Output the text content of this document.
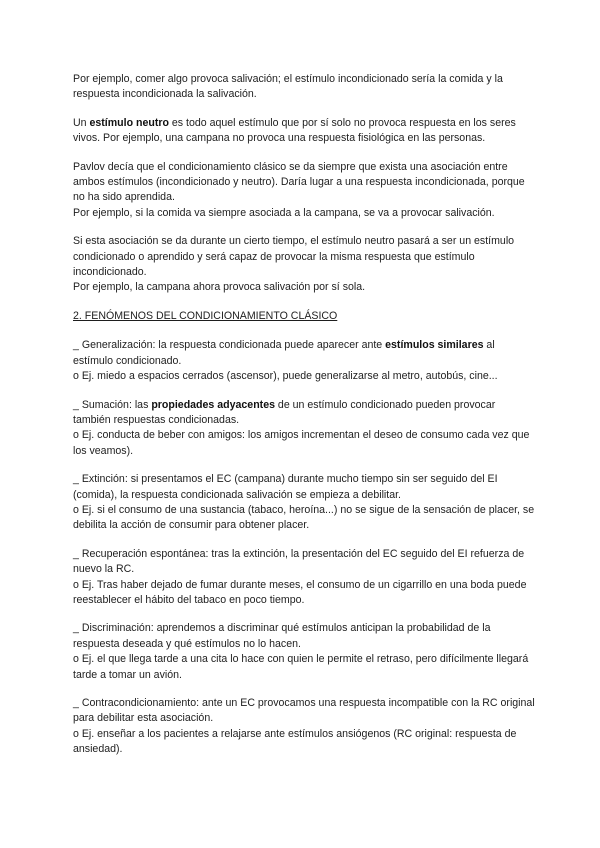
Por ejemplo, comer algo provoca salivación; el estímulo incondicionado sería la comida y la respuesta incondicionada la salivación.

Un estímulo neutro es todo aquel estímulo que por sí solo no provoca respuesta en los seres vivos. Por ejemplo, una campana no provoca una respuesta fisiológica en las personas.

Pavlov decía que el condicionamiento clásico se da siempre que exista una asociación entre ambos estímulos (incondicionado y neutro). Daría lugar a una respuesta incondicionada, porque no ha sido aprendida.
Por ejemplo, si la comida va siempre asociada a la campana, se va a provocar salivación.

Si esta asociación se da durante un cierto tiempo, el estímulo neutro pasará a ser un estímulo condicionado o aprendido y será capaz de provocar la misma respuesta que estímulo incondicionado.
Por ejemplo, la campana ahora provoca salivación por sí sola.

2. FENÓMENOS DEL CONDICIONAMIENTO CLÁSICO

_ Generalización: la respuesta condicionada puede aparecer ante estímulos similares al estímulo condicionado.
o Ej. miedo a espacios cerrados (ascensor), puede generalizarse al metro, autobús, cine...

_ Sumación: las propiedades adyacentes de un estímulo condicionado pueden provocar también respuestas condicionadas.
o Ej. conducta de beber con amigos: los amigos incrementan el deseo de consumo cada vez que los veamos).

_ Extinción: si presentamos el EC (campana) durante mucho tiempo sin ser seguido del EI (comida), la respuesta condicionada salivación se empieza a debilitar.
o Ej. si el consumo de una sustancia (tabaco, heroína...) no se sigue de la sensación de placer, se debilita la acción de consumir para obtener placer.

_ Recuperación espontánea: tras la extinción, la presentación del EC seguido del EI refuerza de nuevo la RC.
o Ej. Tras haber dejado de fumar durante meses, el consumo de un cigarrillo en una boda puede reestablecer el hábito del tabaco en poco tiempo.

_ Discriminación: aprendemos a discriminar qué estímulos anticipan la probabilidad de la respuesta deseada y qué estímulos no lo hacen.
o Ej. el que llega tarde a una cita lo hace con quien le permite el retraso, pero difícilmente llegará tarde a tomar un avión.

_ Contracondicionamiento: ante un EC provocamos una respuesta incompatible con la RC original para debilitar esta asociación.
o Ej. enseñar a los pacientes a relajarse ante estímulos ansiógenos (RC original: respuesta de ansiedad).
